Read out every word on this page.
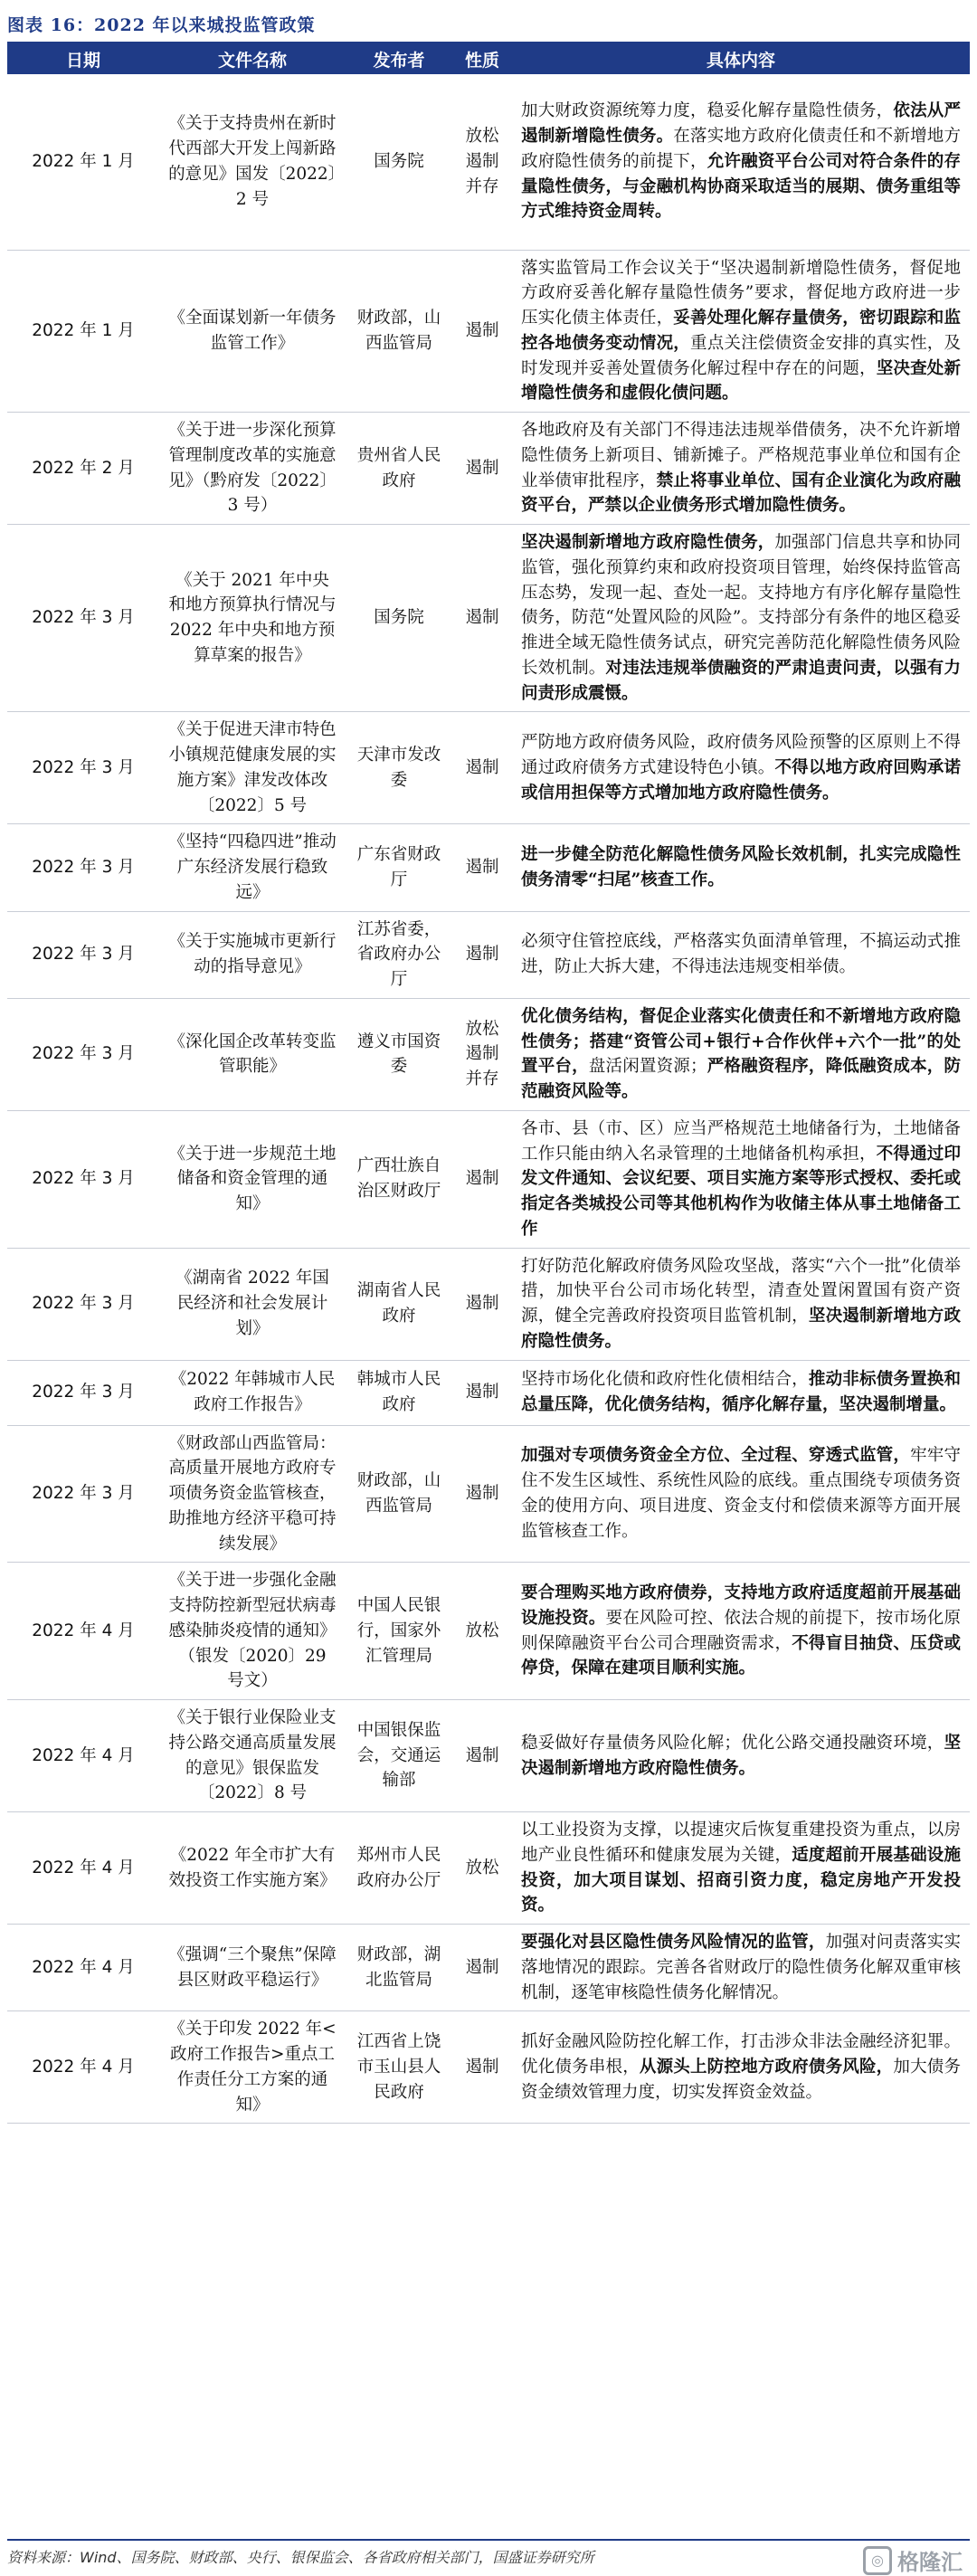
图表 16：2022 年以来城投监管政策
日期	文件名称	发布者	性质	具体内容
2022 年 1 月	《关于支持贵州在新时代西部大开发上闯新路的意见》国发〔2022〕2 号	国务院	放松遏制并存	加大财政资源统筹力度，稳妥化解存量隐性债务，依法从严遏制新增隐性债务。在落实地方政府化债责任和不新增地方政府隐性债务的前提下，允许融资平台公司对符合条件的存量隐性债务，与金融机构协商采取适当的展期、债务重组等方式维持资金周转。
2022 年 1 月	《全面谋划新一年债务监管工作》	财政部，山西监管局	遏制	落实监管局工作会议关于“坚决遏制新增隐性债务，督促地方政府妥善化解存量隐性债务”要求，督促地方政府进一步压实化债主体责任，妥善处理化解存量债务，密切跟踪和监控各地债务变动情况，重点关注偿债资金安排的真实性，及时发现并妥善处置债务化解过程中存在的问题，坚决查处新增隐性债务和虚假化债问题。
2022 年 2 月	《关于进一步深化预算管理制度改革的实施意见》（黔府发〔2022〕3 号）	贵州省人民政府	遏制	各地政府及有关部门不得违法违规举借债务，决不允许新增隐性债务上新项目、铺新摊子。严格规范事业单位和国有企业举债审批程序，禁止将事业单位、国有企业演化为政府融资平台，严禁以企业债务形式增加隐性债务。
2022 年 3 月	《关于 2021 年中央和地方预算执行情况与 2022 年中央和地方预算草案的报告》	国务院	遏制	坚决遏制新增地方政府隐性债务，加强部门信息共享和协同监管，强化预算约束和政府投资项目管理，始终保持监管高压态势，发现一起、查处一起。支持地方有序化解存量隐性债务，防范“处置风险的风险”。支持部分有条件的地区稳妥推进全域无隐性债务试点，研究完善防范化解隐性债务风险长效机制。对违法违规举债融资的严肃追责问责，以强有力问责形成震慑。
2022 年 3 月	《关于促进天津市特色小镇规范健康发展的实施方案》津发改体改〔2022〕5 号	天津市发改委	遏制	严防地方政府债务风险，政府债务风险预警的区原则上不得通过政府债务方式建设特色小镇。不得以地方政府回购承诺或信用担保等方式增加地方政府隐性债务。
2022 年 3 月	《坚持“四稳四进”推动广东经济发展行稳致远》	广东省财政厅	遏制	进一步健全防范化解隐性债务风险长效机制，扎实完成隐性债务清零“扫尾”核查工作。
2022 年 3 月	《关于实施城市更新行动的指导意见》	江苏省委，省政府办公厅	遏制	必须守住管控底线，严格落实负面清单管理，不搞运动式推进，防止大拆大建，不得违法违规变相举债。
2022 年 3 月	《深化国企改革转变监管职能》	遵义市国资委	放松遏制并存	优化债务结构，督促企业落实化债责任和不新增地方政府隐性债务；搭建“资管公司+银行+合作伙伴+六个一批”的处置平台，盘活闲置资源；严格融资程序，降低融资成本，防范融资风险等。
2022 年 3 月	《关于进一步规范土地储备和资金管理的通知》	广西壮族自治区财政厅	遏制	各市、县（市、区）应当严格规范土地储备行为，土地储备工作只能由纳入名录管理的土地储备机构承担，不得通过印发文件通知、会议纪要、项目实施方案等形式授权、委托或指定各类城投公司等其他机构作为收储主体从事土地储备工作
2022 年 3 月	《湖南省 2022 年国民经济和社会发展计划》	湖南省人民政府	遏制	打好防范化解政府债务风险攻坚战，落实“六个一批”化债举措，加快平台公司市场化转型，清查处置闲置国有资产资源，健全完善政府投资项目监管机制，坚决遏制新增地方政府隐性债务。
2022 年 3 月	《2022 年韩城市人民政府工作报告》	韩城市人民政府	遏制	坚持市场化化债和政府性化债相结合，推动非标债务置换和总量压降，优化债务结构，循序化解存量，坚决遏制增量。
2022 年 3 月	《财政部山西监管局：高质量开展地方政府专项债务资金监管核查，助推地方经济平稳可持续发展》	财政部，山西监管局	遏制	加强对专项债务资金全方位、全过程、穿透式监管，牢牢守住不发生区域性、系统性风险的底线。重点围绕专项债务资金的使用方向、项目进度、资金支付和偿债来源等方面开展监管核查工作。
2022 年 4 月	《关于进一步强化金融支持防控新型冠状病毒感染肺炎疫情的通知》（银发〔2020〕29 号文）	中国人民银行，国家外汇管理局	放松	要合理购买地方政府债券，支持地方政府适度超前开展基础设施投资。要在风险可控、依法合规的前提下，按市场化原则保障融资平台公司合理融资需求，不得盲目抽贷、压贷或停贷，保障在建项目顺利实施。
2022 年 4 月	《关于银行业保险业支持公路交通高质量发展的意见》银保监发〔2022〕8 号	中国银保监会，交通运输部	遏制	稳妥做好存量债务风险化解；优化公路交通投融资环境，坚决遏制新增地方政府隐性债务。
2022 年 4 月	《2022 年全市扩大有效投资工作实施方案》	郑州市人民政府办公厅	放松	以工业投资为支撑，以提速灾后恢复重建投资为重点，以房地产业良性循环和健康发展为关键，适度超前开展基础设施投资，加大项目谋划、招商引资力度，稳定房地产开发投资。
2022 年 4 月	《强调“三个聚焦”保障县区财政平稳运行》	财政部，湖北监管局	遏制	要强化对县区隐性债务风险情况的监管，加强对问责落实实落地情况的跟踪。完善各省财政厅的隐性债务化解双重审核机制，逐笔审核隐性债务化解情况。
2022 年 4 月	《关于印发 2022 年<政府工作报告>重点工作责任分工方案的通知》	江西省上饶市玉山县人民政府	遏制	抓好金融风险防控化解工作，打击涉众非法金融经济犯罪。优化债务串根，从源头上防控地方政府债务风险，加大债务资金绩效管理力度，切实发挥资金效益。
资料来源：Wind、国务院、财政部、央行、银保监会、各省政府相关部门，国盛证券研究所	◎ 格隆汇
